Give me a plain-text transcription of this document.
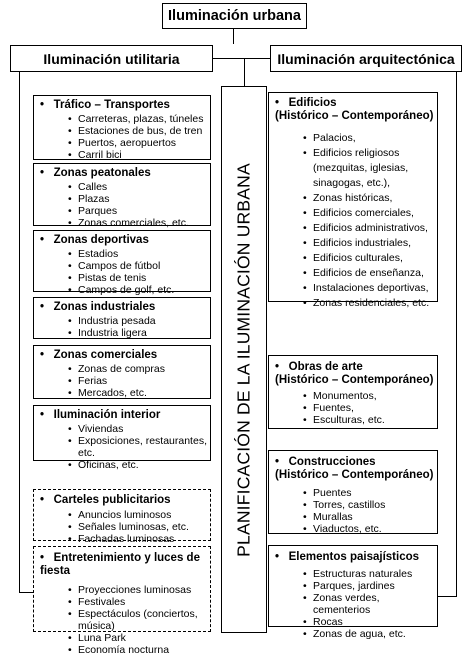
Iluminación urbana
Iluminación utilitaria	Iluminación arquitectónica
PLANIFICACIÓN DE LA ILUMINACIÓN URBANA
•   Tráfico – Transportes
• Carreteras, plazas, túneles
• Estaciones de bus, de tren
• Puertos, aeropuertos
• Carril bici
•   Zonas peatonales
• Calles
• Plazas
• Parques
• Zonas comerciales, etc.
•   Zonas deportivas
• Estadios
• Campos de fútbol
• Pistas de tenis
• Campos de golf, etc.
•   Zonas industriales
• Industria pesada
• Industria ligera
•   Zonas comerciales
• Zonas de compras
• Ferias
• Mercados, etc.
•   Iluminación interior
• Viviendas
• Exposiciones, restaurantes, etc.
• Oficinas, etc.
•   Carteles publicitarios
• Anuncios luminosos
• Señales luminosas, etc.
• Fachadas luminosas
•   Entretenimiento y luces de fiesta
• Proyecciones luminosas
• Festivales
• Espectáculos (conciertos, música)
• Luna Park
• Economía nocturna
•   Edificios
(Histórico – Contemporáneo)
• Palacios,
• Edificios religiosos (mezquitas, iglesias, sinagogas, etc.),
• Zonas históricas,
• Edificios comerciales,
• Edificios administrativos,
• Edificios industriales,
• Edificios culturales,
• Edificios de enseñanza,
• Instalaciones deportivas,
• Zonas residenciales, etc.
•   Obras de arte
(Histórico – Contemporáneo)
• Monumentos,
• Fuentes,
• Esculturas, etc.
•   Construcciones
(Histórico – Contemporáneo)
• Puentes
• Torres, castillos
• Murallas
• Viaductos, etc.
•   Elementos paisajísticos
• Estructuras naturales
• Parques, jardines
• Zonas verdes, cementerios
• Rocas
• Zonas de agua, etc.
